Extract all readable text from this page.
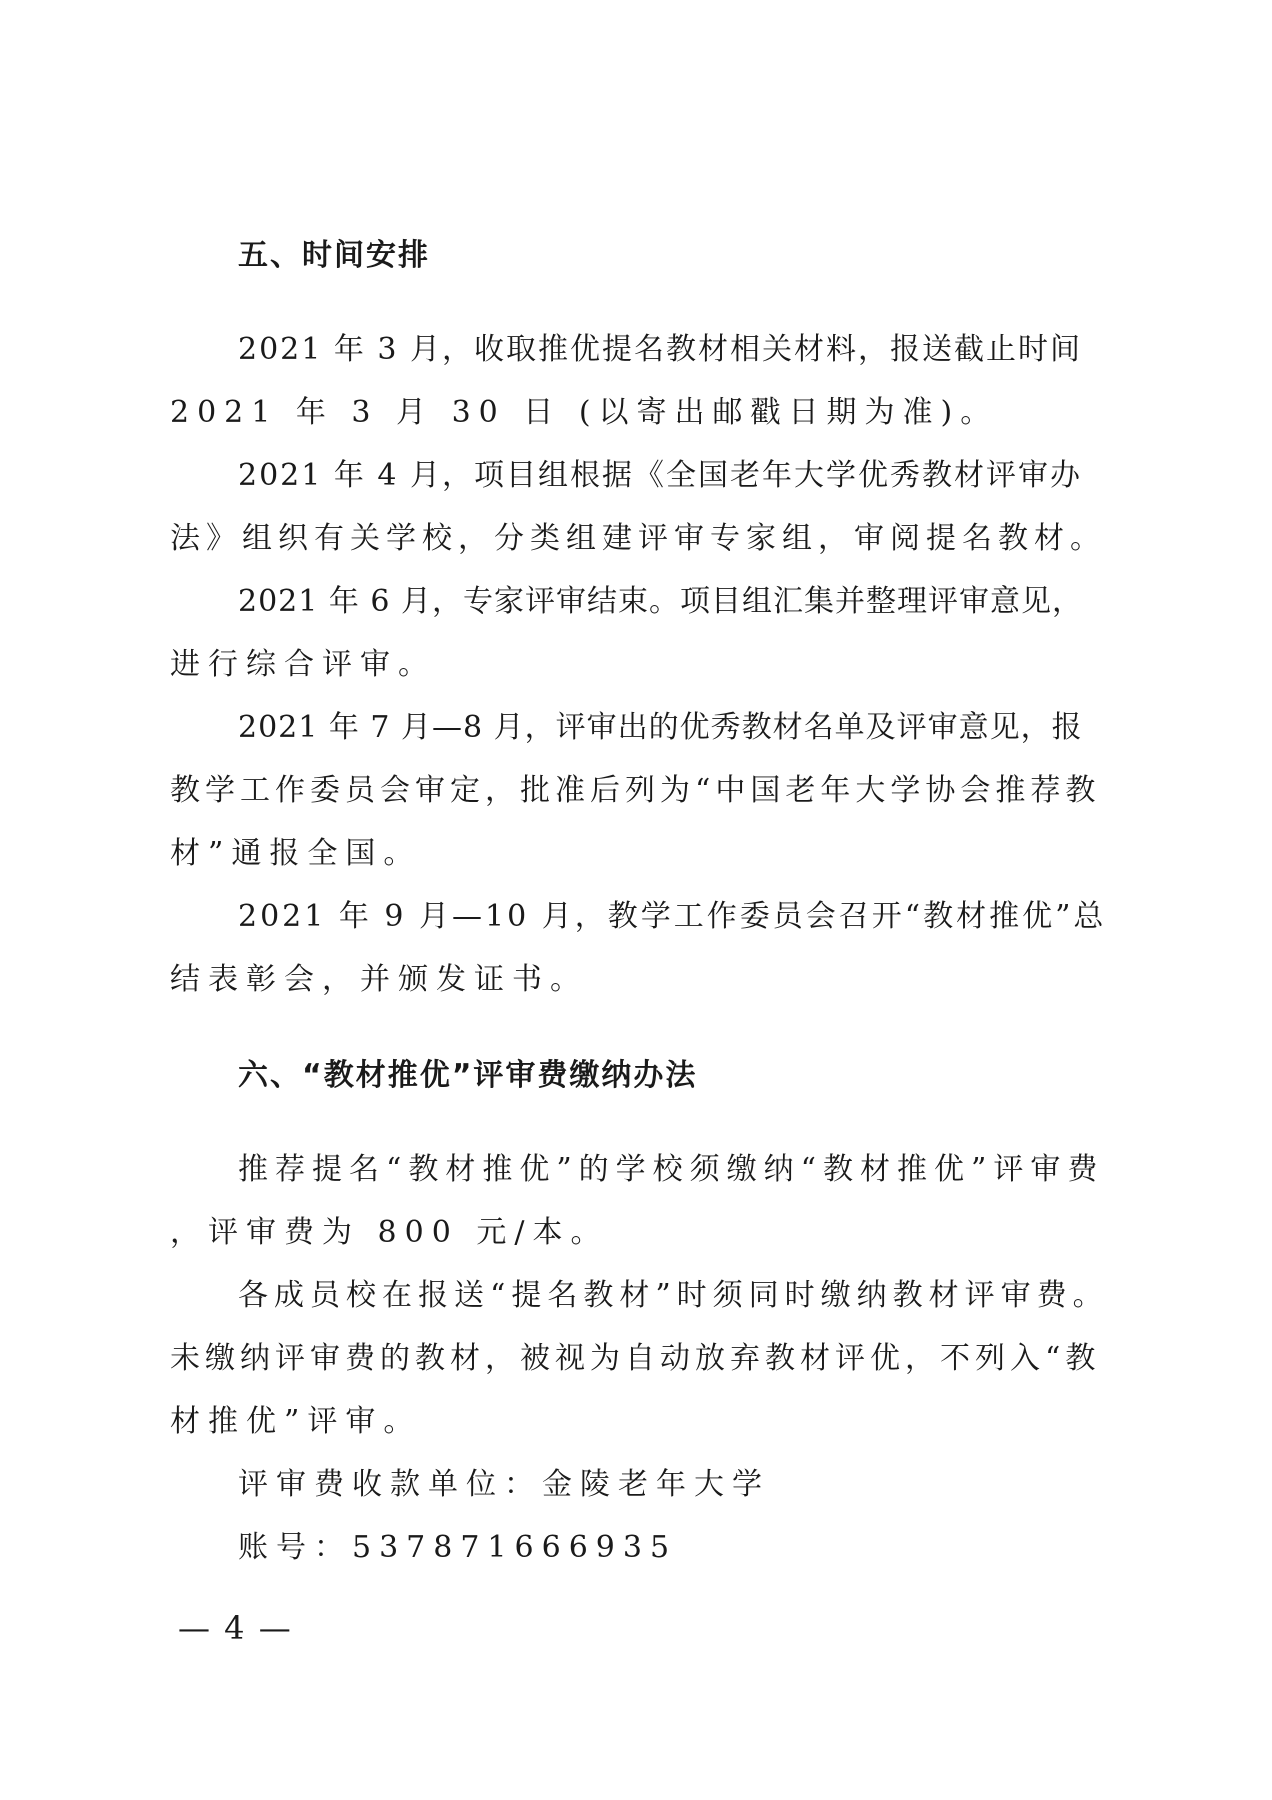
五、时间安排
2021 年 3 月，收取推优提名教材相关材料，报送截止时间
2021 年 3 月 30 日 (以寄出邮戳日期为准)。
2021 年 4 月，项目组根据《全国老年大学优秀教材评审办
法》组织有关学校，分类组建评审专家组，审阅提名教材。
2021 年 6 月，专家评审结束。项目组汇集并整理评审意见，
进行综合评审。
2021 年 7 月—8 月，评审出的优秀教材名单及评审意见，报
教学工作委员会审定，批准后列为“中国老年大学协会推荐教
材”通报全国。
2021 年 9 月—10 月，教学工作委员会召开“教材推优”总
结表彰会，并颁发证书。
六、“教材推优”评审费缴纳办法
推荐提名“教材推优”的学校须缴纳“教材推优”评审费
，评审费为 800 元/本。
各成员校在报送“提名教材”时须同时缴纳教材评审费。
未缴纳评审费的教材，被视为自动放弃教材评优，不列入“教
材推优”评审。
评审费收款单位：金陵老年大学
账号：537871666935
— 4 —
